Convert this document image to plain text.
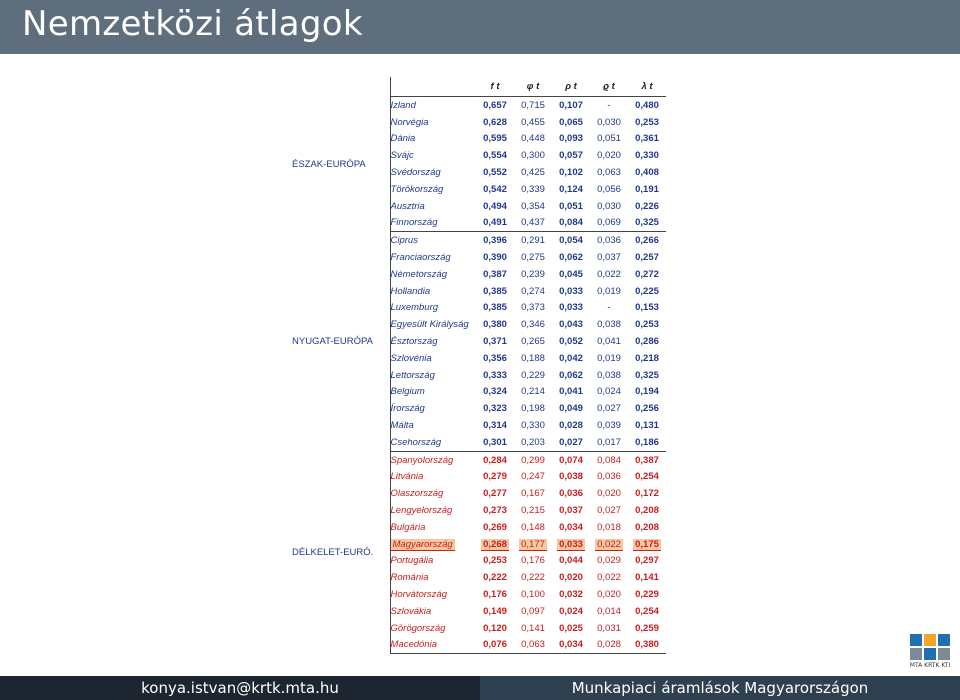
Nemzetközi átlagok
		f t	φ t	ρ t	ϱ t	λ t
ÉSZAK-EURÓPA	Izland	0,657	0,715	0,107	-	0,480
	Norvégia	0,628	0,455	0,065	0,030	0,253
	Dánia	0,595	0,448	0,093	0,051	0,361
	Svájc	0,554	0,300	0,057	0,020	0,330
	Svédország	0,552	0,425	0,102	0,063	0,408
	Törökország	0,542	0,339	0,124	0,056	0,191
	Ausztria	0,494	0,354	0,051	0,030	0,226
	Finnország	0,491	0,437	0,084	0,069	0,325
NYUGAT-EURÓPA	Ciprus	0,396	0,291	0,054	0,036	0,266
	Franciaország	0,390	0,275	0,062	0,037	0,257
	Németország	0,387	0,239	0,045	0,022	0,272
	Hollandia	0,385	0,274	0,033	0,019	0,225
	Luxemburg	0,385	0,373	0,033	-	0,153
	Egyesült Királyság	0,380	0,346	0,043	0,038	0,253
	Észtország	0,371	0,265	0,052	0,041	0,286
	Szlovénia	0,356	0,188	0,042	0,019	0,218
	Lettország	0,333	0,229	0,062	0,038	0,325
	Belgium	0,324	0,214	0,041	0,024	0,194
	Írország	0,323	0,198	0,049	0,027	0,256
	Málta	0,314	0,330	0,028	0,039	0,131
	Csehország	0,301	0,203	0,027	0,017	0,186
DÉLKELET-EURÓ.	Spanyolország	0,284	0,299	0,074	0,084	0,387
	Litvánia	0,279	0,247	0,038	0,036	0,254
	Olaszország	0,277	0,167	0,036	0,020	0,172
	Lengyelország	0,273	0,215	0,037	0,027	0,208
	Bulgária	0,269	0,148	0,034	0,018	0,208
	Magyarország	0,268	0,177	0,033	0,022	0,175
	Portugália	0,253	0,176	0,044	0,029	0,297
	Románia	0,222	0,222	0,020	0,022	0,141
	Horvátország	0,176	0,100	0,032	0,020	0,229
	Szlovákia	0,149	0,097	0,024	0,014	0,254
	Görögország	0,120	0,141	0,025	0,031	0,259
	Macedónia	0,076	0,063	0,034	0,028	0,380
MTA KRTK KTI
konya.istvan@krtk.mta.hu	Munkapiaci áramlások Magyarországon
